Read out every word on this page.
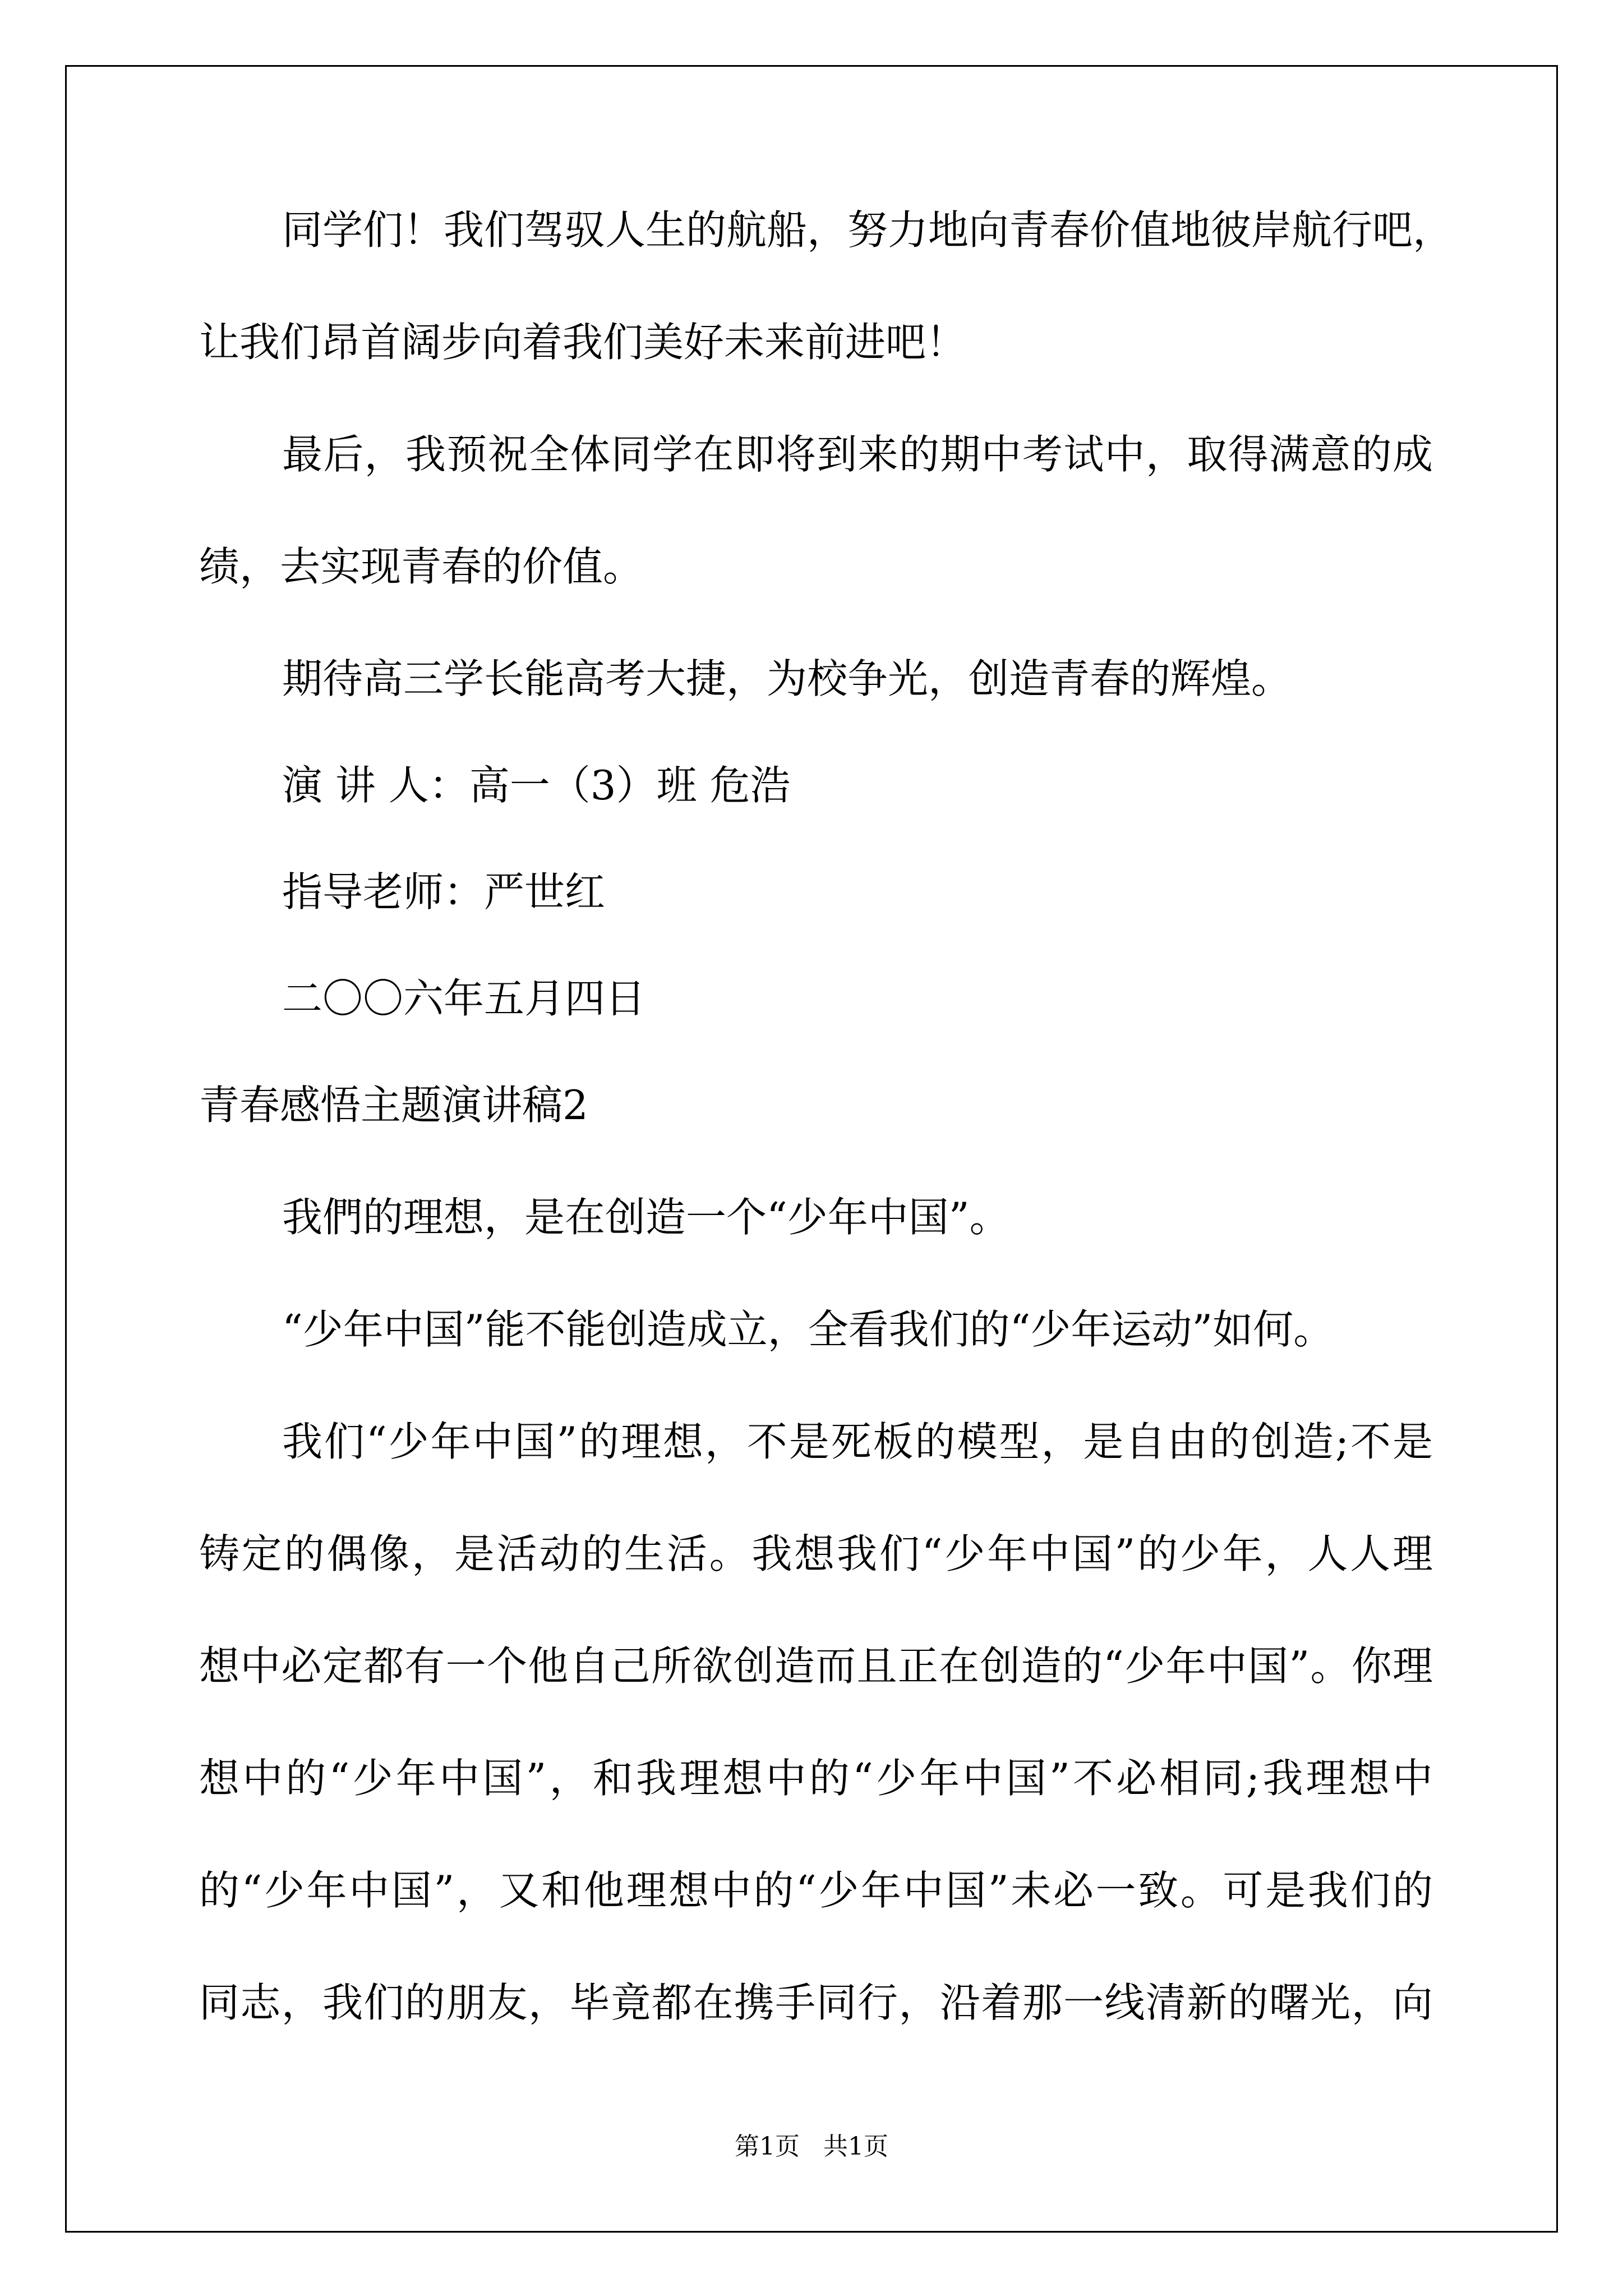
同学们！我们驾驭人生的航船，努力地向青春价值地彼岸航行吧，
让我们昂首阔步向着我们美好未来前进吧！
最后，我预祝全体同学在即将到来的期中考试中，取得满意的成
绩，去实现青春的价值。
期待高三学长能高考大捷，为校争光，创造青春的辉煌。
演 讲 人：高一（3）班 危浩
指导老师：严世红
二〇〇六年五月四日
青春感悟主题演讲稿2
我們的理想，是在创造一个“少年中国”。
“少年中国”能不能创造成立，全看我们的“少年运动”如何。
我们“少年中国”的理想，不是死板的模型，是自由的创造;不是
铸定的偶像，是活动的生活。我想我们“少年中国”的少年，人人理
想中必定都有一个他自己所欲创造而且正在创造的“少年中国”。你理
想中的“少年中国”，和我理想中的“少年中国”不必相同;我理想中
的“少年中国”，又和他理想中的“少年中国”未必一致。可是我们的
同志，我们的朋友，毕竟都在携手同行，沿着那一线清新的曙光，向
第1页   共1页
